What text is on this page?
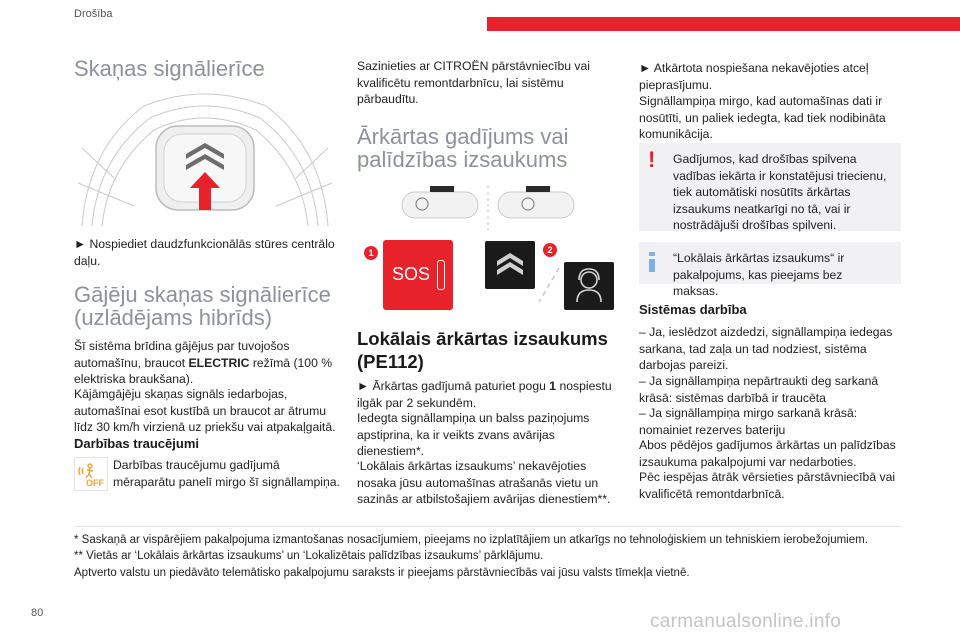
Drošība
Skaņas signālierīce

► Nospiediet daudzfunkcionālās stūres centrālo daļu.

Gājēju skaņas signālierīce
(uzlādējams hibrīds)

Šī sistēma brīdina gājējus par tuvojošos automašīnu, braucot ELECTRIC režīmā (100 % elektriska braukšana).

Kājāmgājēju skaņas signāls iedarbojas, automašīnai esot kustībā un braucot ar ātrumu līdz 30 km/h virzienā uz priekšu vai atpakaļgaitā.

Darbības traucējumi
OFF

Darbības traucējumu gadījumā mēraparātu panelī mirgo šī signāllampiņa.

Sazinieties ar CITROËN pārstāvniecību vai kvalificētu remontdarbnīcu, lai sistēmu pārbaudītu.

Ārkārtas gadījums vai
palīdzības izsaukums
SOS
1	2
Lokālais ārkārtas izsaukums
(PE112)

► Ārkārtas gadījumā paturiet pogu 1 nospiestu ilgāk par 2 sekundēm.

Iedegta signāllampiņa un balss paziņojums apstiprina, ka ir veikts zvans avārijas dienestiem*.

‘Lokālais ārkārtas izsaukums’ nekavējoties nosaka jūsu automašīnas atrašanās vietu un sazinās ar atbilstošajiem avārijas dienestiem**.

► Atkārtota nospiešana nekavējoties atceļ pieprasījumu.

Signāllampiņa mirgo, kad automašīnas dati ir nosūtīti, un paliek iedegta, kad tiek nodibināta komunikācija.

!	Gadījumos, kad drošības spilvena vadības iekārta ir konstatējusi triecienu, tiek automātiski nosūtīts ārkārtas izsaukums neatkarīgi no tā, vai ir nostrādājuši drošības spilveni.

“Lokālais ārkārtas izsaukums“ ir pakalpojums, kas pieejams bez maksas.

Sistēmas darbība

– Ja, ieslēdzot aizdedzi, signāllampiņa iedegas sarkana, tad zaļa un tad nodziest, sistēma darbojas pareizi.

– Ja signāllampiņa nepārtraukti deg sarkanā krāsā: sistēmas darbībā ir traucēta

– Ja signāllampiņa mirgo sarkanā krāsā: nomainiet rezerves bateriju

Abos pēdējos gadījumos ārkārtas un palīdzības izsaukuma pakalpojumi var nedarboties.

Pēc iespējas ātrāk vērsieties pārstāvniecībā vai kvalificētā remontdarbnīcā.

* Saskaņā ar vispārējiem pakalpojuma izmantošanas nosacījumiem, pieejams no izplatītājiem un atkarīgs no tehnoloģiskiem un tehniskiem ierobežojumiem.
** Vietās ar ‘Lokālais ārkārtas izsaukums’ un ‘Lokalizētais palīdzības izsaukums’ pārklājumu.
Aptverto valstu un piedāvāto telemātisko pakalpojumu saraksts ir pieejams pārstāvniecībās vai jūsu valsts tīmekļa vietnē.
80	carmanualsonline.info
